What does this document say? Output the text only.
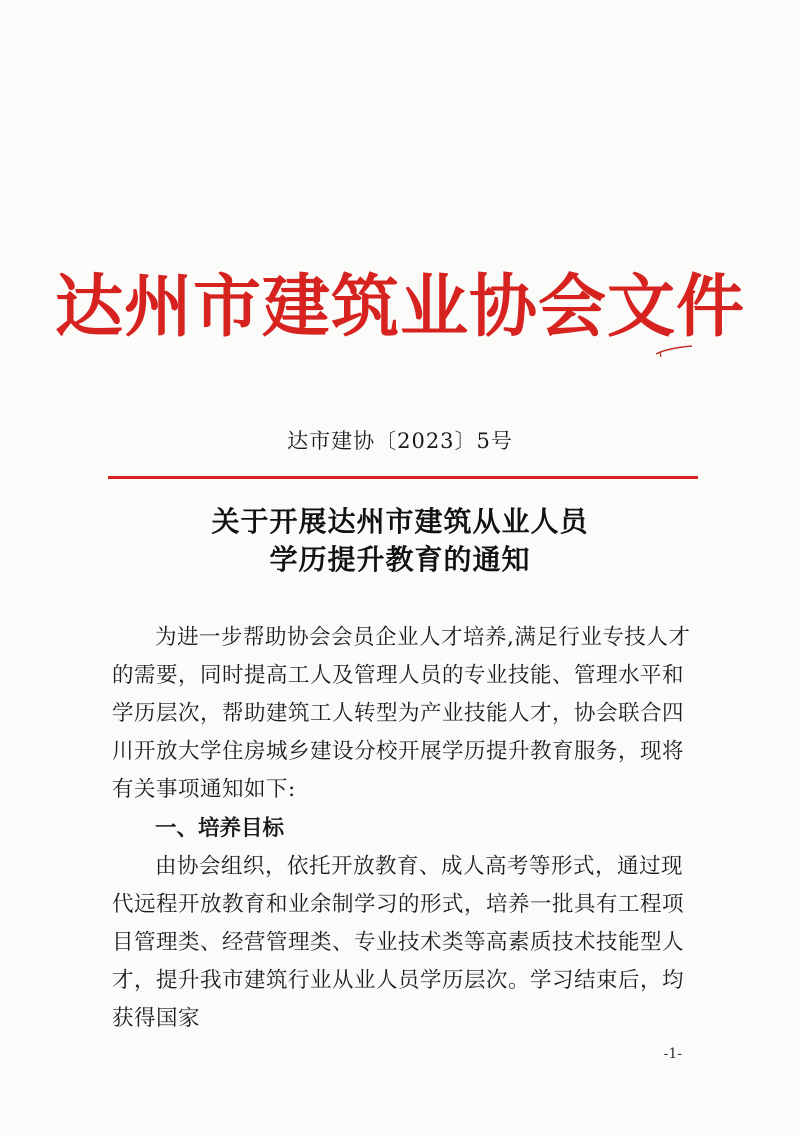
达州市建筑业协会文件
达市建协〔2023〕5号
关于开展达州市建筑从业人员
学历提升教育的通知
为进一步帮助协会会员企业人才培养,满足行业专技人才的需要，同时提高工人及管理人员的专业技能、管理水平和学历层次，帮助建筑工人转型为产业技能人才，协会联合四川开放大学住房城乡建设分校开展学历提升教育服务，现将有关事项通知如下:
一、培养目标
由协会组织，依托开放教育、成人高考等形式，通过现代远程开放教育和业余制学习的形式，培养一批具有工程项目管理类、经营管理类、专业技术类等高素质技术技能型人才，提升我市建筑行业从业人员学历层次。学习结束后，均获得国家
-1-
